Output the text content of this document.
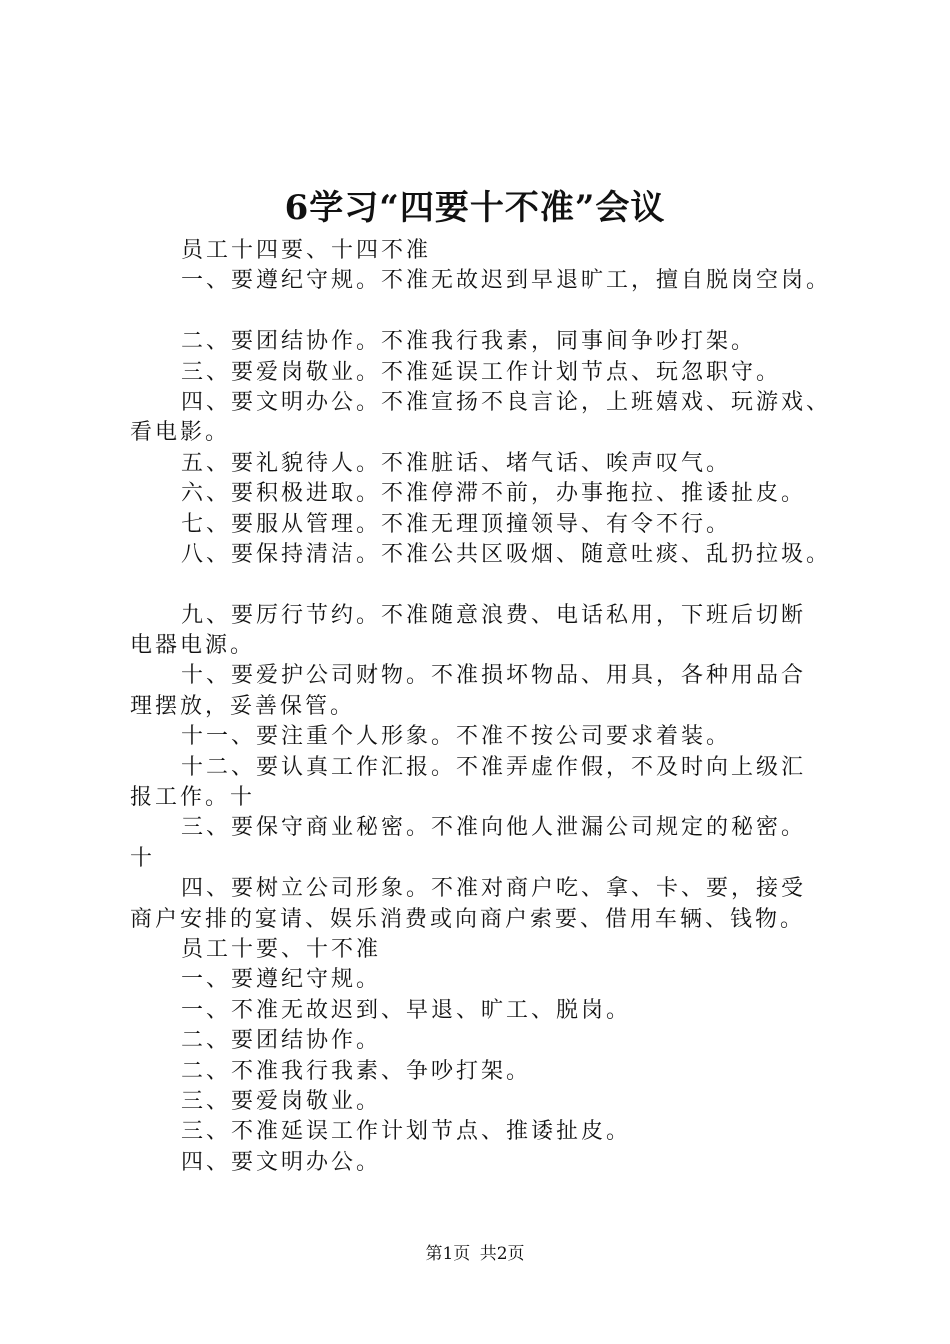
6学习“四要十不准”会议
员工十四要、十四不准
一、要遵纪守规。不准无故迟到早退旷工，擅自脱岗空岗。
二、要团结协作。不准我行我素，同事间争吵打架。
三、要爱岗敬业。不准延误工作计划节点、玩忽职守。
四、要文明办公。不准宣扬不良言论，上班嬉戏、玩游戏、
看电影。
五、要礼貌待人。不准脏话、堵气话、唉声叹气。
六、要积极进取。不准停滞不前，办事拖拉、推诿扯皮。
七、要服从管理。不准无理顶撞领导、有令不行。
八、要保持清洁。不准公共区吸烟、随意吐痰、乱扔拉圾。
九、要厉行节约。不准随意浪费、电话私用，下班后切断
电器电源。
十、要爱护公司财物。不准损坏物品、用具，各种用品合
理摆放，妥善保管。
十一、要注重个人形象。不准不按公司要求着装。
十二、要认真工作汇报。不准弄虚作假，不及时向上级汇
报工作。十
三、要保守商业秘密。不准向他人泄漏公司规定的秘密。
十
四、要树立公司形象。不准对商户吃、拿、卡、要，接受
商户安排的宴请、娱乐消费或向商户索要、借用车辆、钱物。
员工十要、十不准
一、要遵纪守规。
一、不准无故迟到、早退、旷工、脱岗。
二、要团结协作。
二、不准我行我素、争吵打架。
三、要爱岗敬业。
三、不准延误工作计划节点、推诿扯皮。
四、要文明办公。
第1页 共2页
